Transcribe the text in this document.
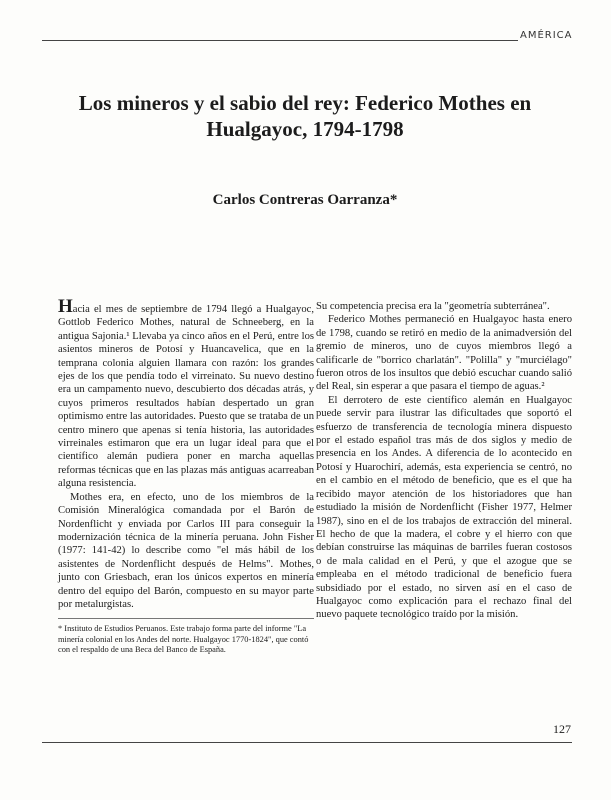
AMÉRICA
Los mineros y el sabio del rey: Federico Mothes en
Hualgayoc, 1794-1798
Carlos Contreras Oarranza*

Hacia el mes de septiembre de 1794 llegó a Hualgayoc, Gottlob Federico Mothes, natural de Schneeberg, en la antigua Sajonia.¹ Llevaba ya cinco años en el Perú, entre los asientos mineros de Potosí y Huancavelica, que en la temprana colonia alguien llamara con razón: los grandes ejes de los que pendía todo el virreinato. Su nuevo destino era un campamento nuevo, descubierto dos décadas atrás, y cuyos primeros resultados habían despertado un gran optimismo entre las autoridades. Puesto que se trataba de un centro minero que apenas si tenía historia, las autoridades virreinales estimaron que era un lugar ideal para que el científico alemán pudiera poner en marcha aquellas reformas técnicas que en las plazas más antiguas acarreaban alguna resistencia.

Mothes era, en efecto, uno de los miembros de la Comisión Mineralógica comandada por el Barón de Nordenflicht y enviada por Carlos III para conseguir la modernización técnica de la minería peruana. John Fisher (1977: 141-42) lo describe como "el más hábil de los asistentes de Nordenflicht después de Helms". Mothes, junto con Griesbach, eran los únicos expertos en minería dentro del equipo del Barón, compuesto en su mayor parte por metalurgistas.

* Instituto de Estudios Peruanos. Este trabajo forma parte del informe "La minería colonial en los Andes del norte. Hualgayoc 1770-1824", que contó con el respaldo de una Beca del Banco de España.

Su competencia precisa era la "geometría subterránea".

Federico Mothes permaneció en Hualgayoc hasta enero de 1798, cuando se retiró en medio de la animadversión del gremio de mineros, uno de cuyos miembros llegó a calificarle de "borrico charlatán". "Polilla" y "murciélago" fueron otros de los insultos que debió escuchar cuando salió del Real, sin esperar a que pasara el tiempo de aguas.²

El derrotero de este científico alemán en Hualgayoc puede servir para ilustrar las dificultades que soportó el esfuerzo de transferencia de tecnología minera dispuesto por el estado español tras más de dos siglos y medio de presencia en los Andes. A diferencia de lo acontecido en Potosí y Huarochirí, además, esta experiencia se centró, no en el cambio en el método de beneficio, que es el que ha recibido mayor atención de los historiadores que han estudiado la misión de Nordenflicht (Fisher 1977, Helmer 1987), sino en el de los trabajos de extracción del mineral. El hecho de que la madera, el cobre y el hierro con que debían construirse las máquinas de barriles fueran costosos o de mala calidad en el Perú, y que el azogue que se empleaba en el método tradicional de beneficio fuera subsidiado por el estado, no sirven así en el caso de Hualgayoc como explicación para el rechazo final del nuevo paquete tecnológico traído por la misión.

127
